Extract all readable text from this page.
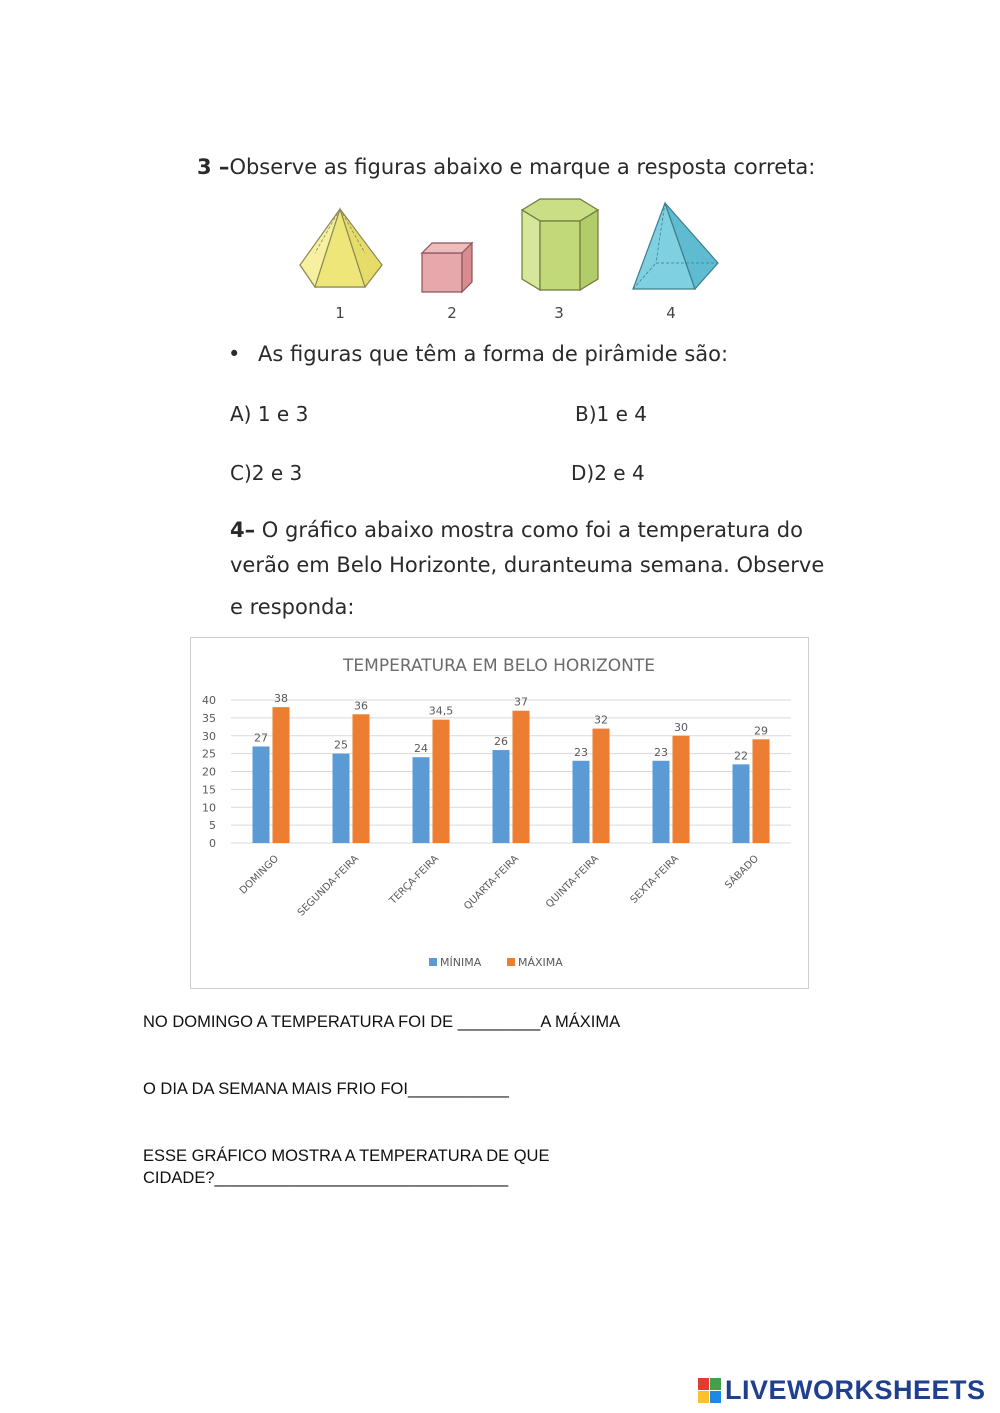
3 –Observe as figuras abaixo e marque a resposta correta:
1	2	3	4
• As figuras que têm a forma de pirâmide são:
A) 1 e 3	B)1 e 4
C)2 e 3	D)2 e 4
4– O gráfico abaixo mostra como foi a temperatura do
verão em Belo Horizonte, duranteuma semana. Observe
e responda:
TEMPERATURA EM BELO HORIZONTE
0
5
10
15
20
25
30
35
40
27
38
DOMINGO
25
36
SEGUNDA-FEIRA
24
34,5
TERÇA-FEIRA
26
37
QUARTA-FEIRA
23
32
QUINTA-FEIRA
23
30
SEXTA-FEIRA
22
29
SÁBADO
MÍNIMA	MÁXIMA
NO DOMINGO A TEMPERATURA FOI DE _________A MÁXIMA
O DIA DA SEMANA MAIS FRIO FOI___________
ESSE GRÁFICO MOSTRA A TEMPERATURA DE QUE
CIDADE?________________________________
LIVEWORKSHEETS
